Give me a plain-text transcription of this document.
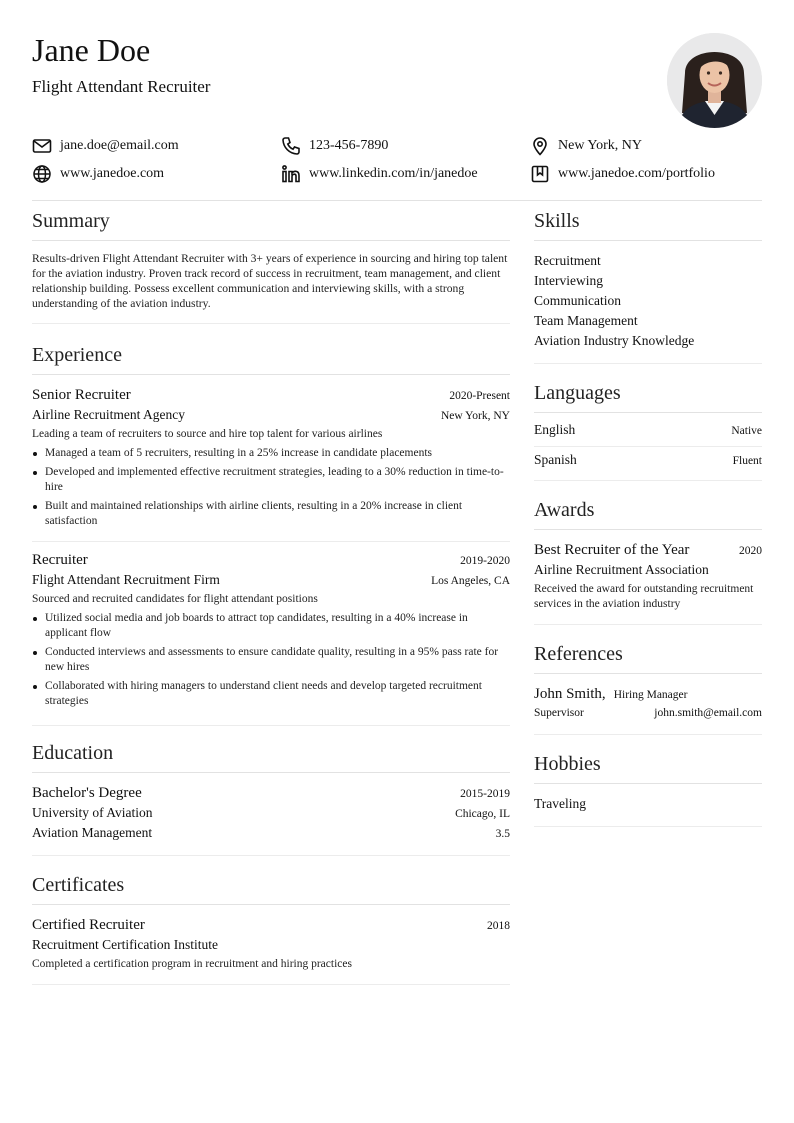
Jane Doe
Flight Attendant Recruiter
jane.doe@email.com	123-456-7890	New York, NY
www.janedoe.com	www.linkedin.com/in/janedoe	www.janedoe.com/portfolio
Summary
Results-driven Flight Attendant Recruiter with 3+ years of experience in sourcing and hiring top talent for the aviation industry. Proven track record of success in recruitment, team management, and client relationship building. Possess excellent communication and interviewing skills, with a strong understanding of the aviation industry.
Experience
Senior Recruiter	2020-Present
Airline Recruitment Agency	New York, NY
Leading a team of recruiters to source and hire top talent for various airlines
Managed a team of 5 recruiters, resulting in a 25% increase in candidate placements
Developed and implemented effective recruitment strategies, leading to a 30% reduction in time-to-hire
Built and maintained relationships with airline clients, resulting in a 20% increase in client satisfaction
Recruiter	2019-2020
Flight Attendant Recruitment Firm	Los Angeles, CA
Sourced and recruited candidates for flight attendant positions
Utilized social media and job boards to attract top candidates, resulting in a 40% increase in applicant flow
Conducted interviews and assessments to ensure candidate quality, resulting in a 95% pass rate for new hires
Collaborated with hiring managers to understand client needs and develop targeted recruitment strategies
Education
Bachelor's Degree	2015-2019
University of Aviation	Chicago, IL
Aviation Management	3.5
Certificates
Certified Recruiter	2018
Recruitment Certification Institute
Completed a certification program in recruitment and hiring practices
Skills
Recruitment
Interviewing
Communication
Team Management
Aviation Industry Knowledge
Languages
English	Native
Spanish	Fluent
Awards
Best Recruiter of the Year	2020
Airline Recruitment Association
Received the award for outstanding recruitment services in the aviation industry
References
John Smith, Hiring Manager
Supervisor	john.smith@email.com
Hobbies
Traveling
